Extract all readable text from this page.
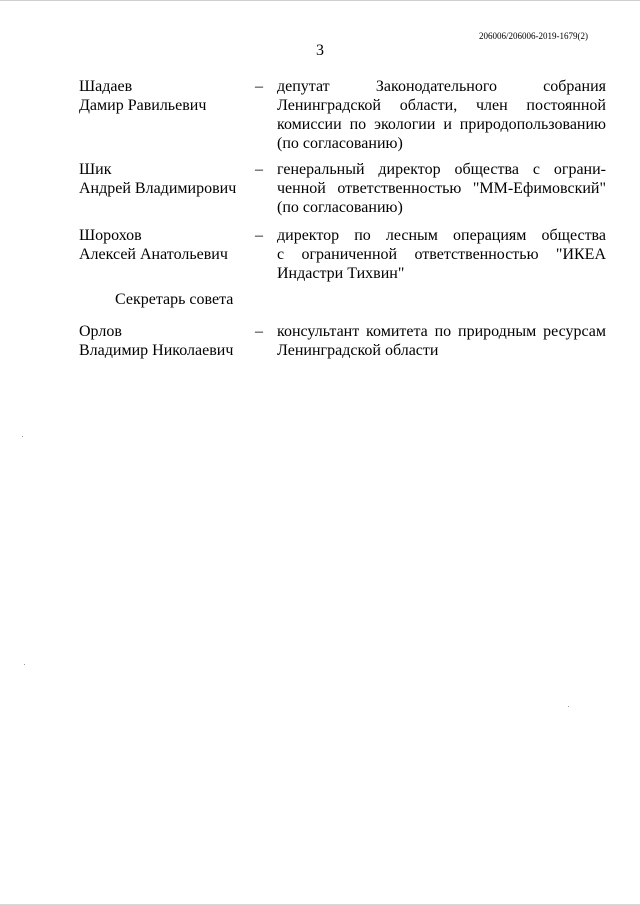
206006/206006-2019-1679(2)
3
Шадаев
Дамир Равильевич
– депутат Законодательного собрания
Ленинградской области, член постоянной
комиссии по экологии и природопользованию
(по согласованию)
Шик
Андрей Владимирович
– генеральный директор общества с ограни-
ченной ответственностью "ММ-Ефимовский"
(по согласованию)
Шорохов
Алексей Анатольевич
– директор по лесным операциям общества
с ограниченной ответственностью "ИКЕА
Индастри Тихвин"
Секретарь совета
Орлов
Владимир Николаевич
– консультант комитета по природным ресурсам
Ленинградской области
